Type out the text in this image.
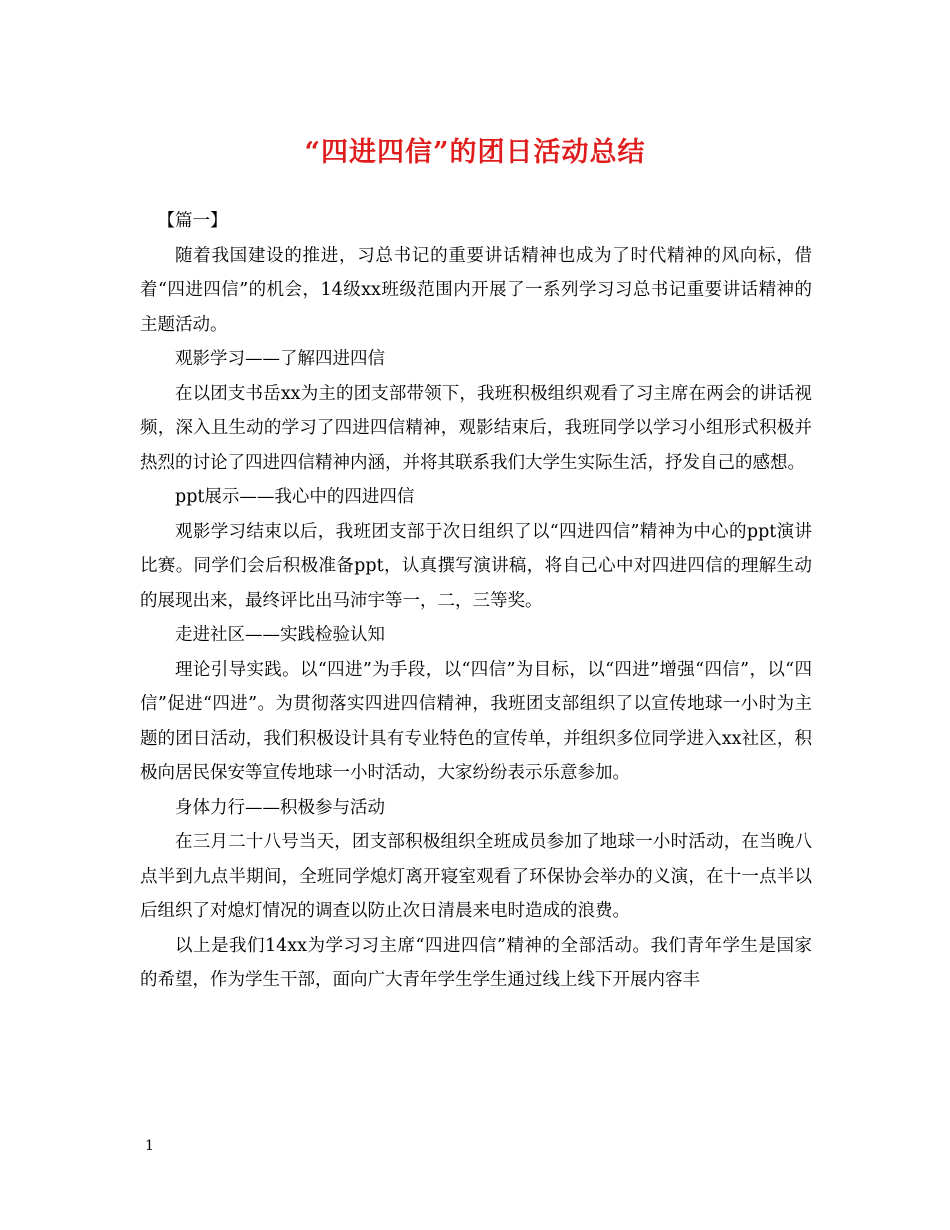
“四进四信”的团日活动总结

【篇一】

随着我国建设的推进，习总书记的重要讲话精神也成为了时代精神的风向标，借着“四进四信”的机会，14级xx班级范围内开展了一系列学习习总书记重要讲话精神的主题活动。

观影学习——了解四进四信

在以团支书岳xx为主的团支部带领下，我班积极组织观看了习主席在两会的讲话视频，深入且生动的学习了四进四信精神，观影结束后，我班同学以学习小组形式积极并热烈的讨论了四进四信精神内涵，并将其联系我们大学生实际生活，抒发自己的感想。

ppt展示——我心中的四进四信

观影学习结束以后，我班团支部于次日组织了以“四进四信”精神为中心的ppt演讲比赛。同学们会后积极准备ppt，认真撰写演讲稿，将自己心中对四进四信的理解生动的展现出来，最终评比出马沛宇等一，二，三等奖。

走进社区——实践检验认知

理论引导实践。以“四进”为手段，以“四信”为目标，以“四进”增强“四信”，以“四信”促进“四进”。为贯彻落实四进四信精神，我班团支部组织了以宣传地球一小时为主题的团日活动，我们积极设计具有专业特色的宣传单，并组织多位同学进入xx社区，积极向居民保安等宣传地球一小时活动，大家纷纷表示乐意参加。

身体力行——积极参与活动

在三月二十八号当天，团支部积极组织全班成员参加了地球一小时活动，在当晚八点半到九点半期间，全班同学熄灯离开寝室观看了环保协会举办的义演，在十一点半以后组织了对熄灯情况的调查以防止次日清晨来电时造成的浪费。

以上是我们14xx为学习习主席“四进四信”精神的全部活动。我们青年学生是国家的希望，作为学生干部，面向广大青年学生学生通过线上线下开展内容丰

1
